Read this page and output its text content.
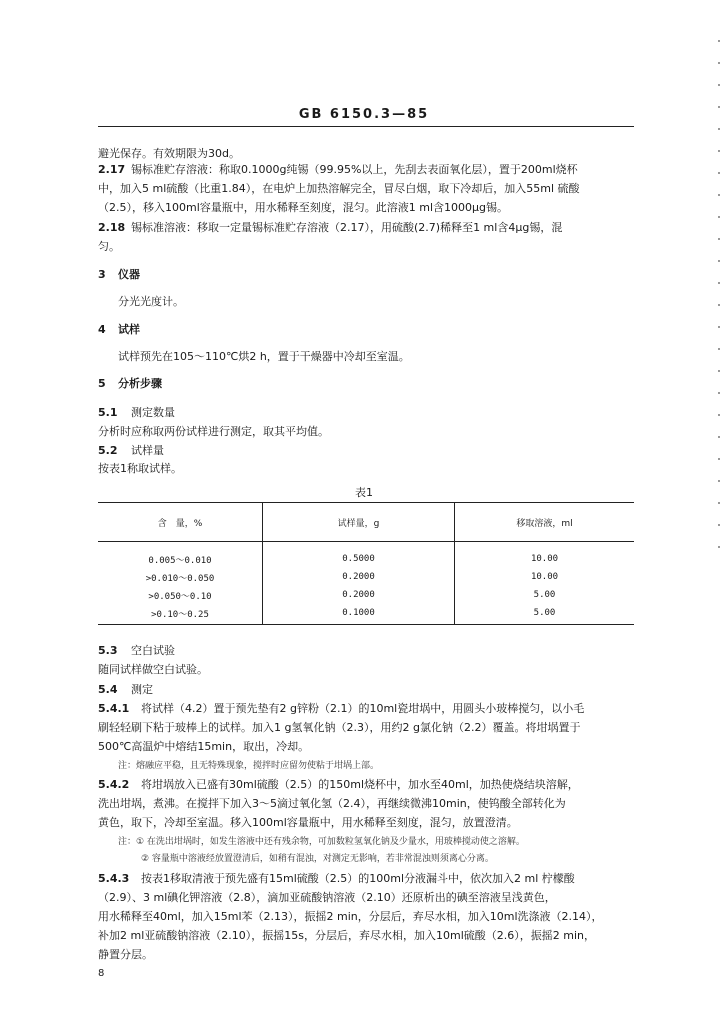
GB 6150.3—85
避光保存。有效期限为30d。
2.17　 锡标准贮存溶液：称取0.1000g纯锡（99.95%以上，先刮去表面氧化层），置于200ml烧杯
中，加入5 ml硫酸（比重1.84），在电炉上加热溶解完全，冒尽白烟，取下冷却后，加入55ml 硫酸
（2.5），移入100ml容量瓶中，用水稀释至刻度，混匀。此溶液1 ml含1000μg锡。
2.18　 锡标准溶液：移取一定量锡标准贮存溶液（2.17），用硫酸(2.7)稀释至1 ml含4μg锡，混
匀。
3 仪器
分光光度计。
4 试样
试样预先在105～110℃烘2 h，置于干燥器中冷却至室温。
5 分析步骤
5.1　 测定数量
分析时应称取两份试样进行测定，取其平均值。
5.2　 试样量
按表1称取试样。
表1
含　量，%	试样量，g	移取溶液，ml
0.005～0.010	0.5000	10.00
>0.010～0.050	0.2000	10.00
>0.050～0.10	0.2000	5.00
>0.10～0.25	0.1000	5.00
5.3　 空白试验
随同试样做空白试验。
5.4　 测定
5.4.1　 将试样（4.2）置于预先垫有2 g锌粉（2.1）的10ml瓷坩埚中，用圆头小玻棒搅匀，以小毛
刷轻轻刷下粘于玻棒上的试样。加入1 g氢氧化钠（2.3），用约2 g氯化钠（2.2）覆盖。将坩埚置于
500℃高温炉中熔结15min，取出，冷却。
注：熔融应平稳，且无特殊现象，搅拌时应留勿使粘于坩埚上部。
5.4.2　 将坩埚放入已盛有30ml硫酸（2.5）的150ml烧杯中，加水至40ml，加热使烧结块溶解，
洗出坩埚，煮沸。在搅拌下加入3～5滴过氧化氢（2.4），再继续微沸10min，使钨酸全部转化为
黄色，取下，冷却至室温。移入100ml容量瓶中，用水稀释至刻度，混匀，放置澄清。
注：① 在洗出坩埚时，如发生溶液中还有残余物，可加数粒氢氧化钠及少量水，用玻棒搅动使之溶解。
② 容量瓶中溶液经放置澄清后，如稍有混浊，对测定无影响，若非常混浊则须离心分离。
5.4.3　 按表1移取清液于预先盛有15ml硫酸（2.5）的100ml分液漏斗中，依次加入2 ml 柠檬酸
（2.9）、3 ml碘化钾溶液（2.8），滴加亚硫酸钠溶液（2.10）还原析出的碘至溶液呈浅黄色，
用水稀释至40ml，加入15ml苯（2.13），振摇2 min，分层后，弃尽水相，加入10ml洗涤液（2.14），
补加2 ml亚硫酸钠溶液（2.10），振摇15s，分层后，弃尽水相，加入10ml硫酸（2.6），振摇2 min，
静置分层。
8
